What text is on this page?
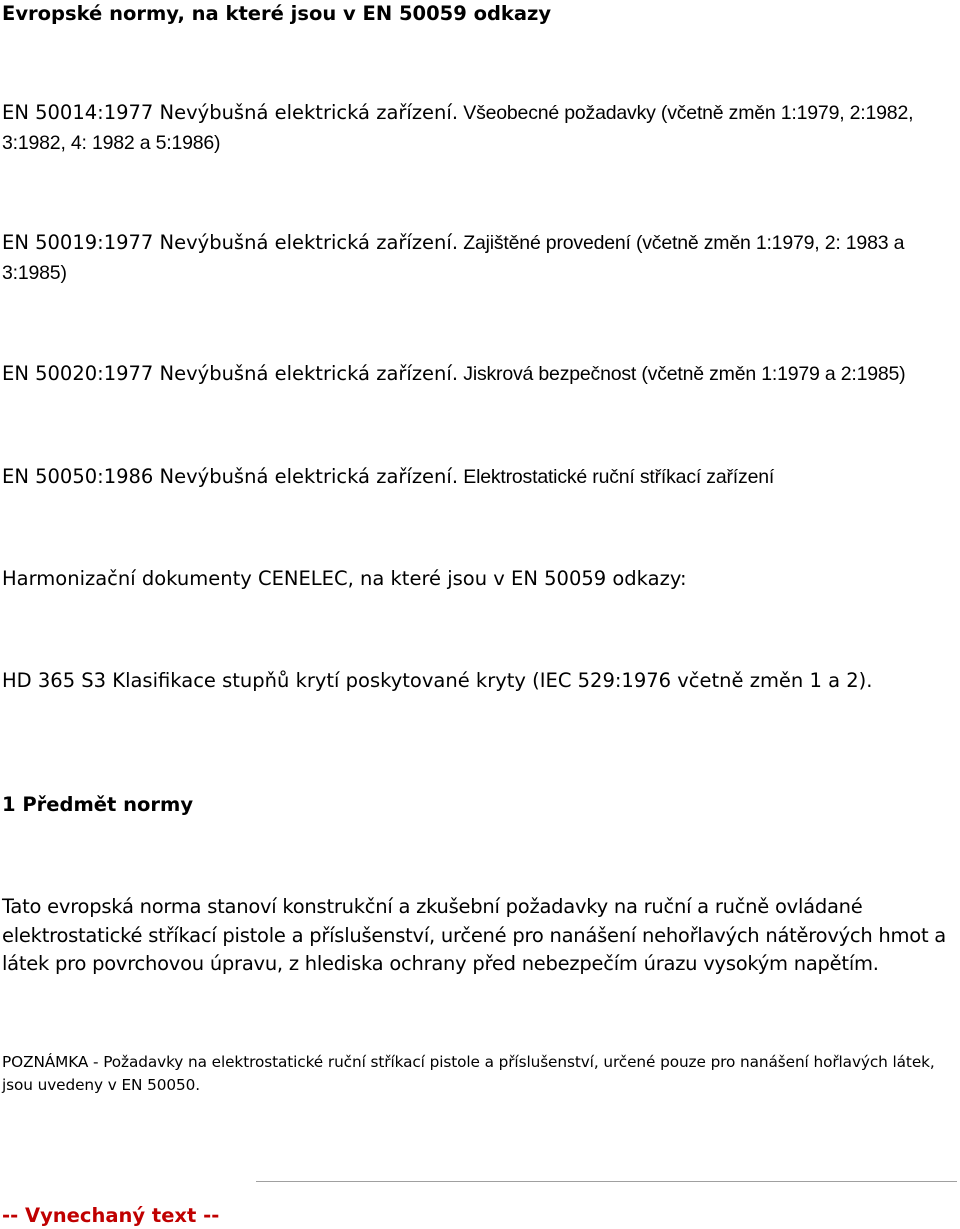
Evropské normy, na které jsou v EN 50059 odkazy

EN 50014:1977 Nevýbušná elektrická zařízení. Všeobecné požadavky (včetně změn 1:1979, 2:1982, 3:1982, 4: 1982 a 5:1986)

EN 50019:1977 Nevýbušná elektrická zařízení. Zajištěné provedení (včetně změn 1:1979, 2: 1983 a 3:1985)

EN 50020:1977 Nevýbušná elektrická zařízení. Jiskrová bezpečnost (včetně změn 1:1979 a 2:1985)

EN 50050:1986 Nevýbušná elektrická zařízení. Elektrostatické ruční stříkací zařízení

Harmonizační dokumenty CENELEC, na které jsou v EN 50059 odkazy:

HD 365 S3 Klasifikace stupňů krytí poskytované kryty (IEC 529:1976 včetně změn 1 a 2).

1 Předmět normy

Tato evropská norma stanoví konstrukční a zkušební požadavky na ruční a ručně ovládané elektrostatické stříkací pistole a příslušenství, určené pro nanášení nehořlavých nátěrových hmot a látek pro povrchovou úpravu, z hlediska ochrany před nebezpečím úrazu vysokým napětím.

POZNÁMKA - Požadavky na elektrostatické ruční stříkací pistole a příslušenství, určené pouze pro nanášení hořlavých látek, jsou uvedeny v EN 50050.

-- Vynechaný text --
